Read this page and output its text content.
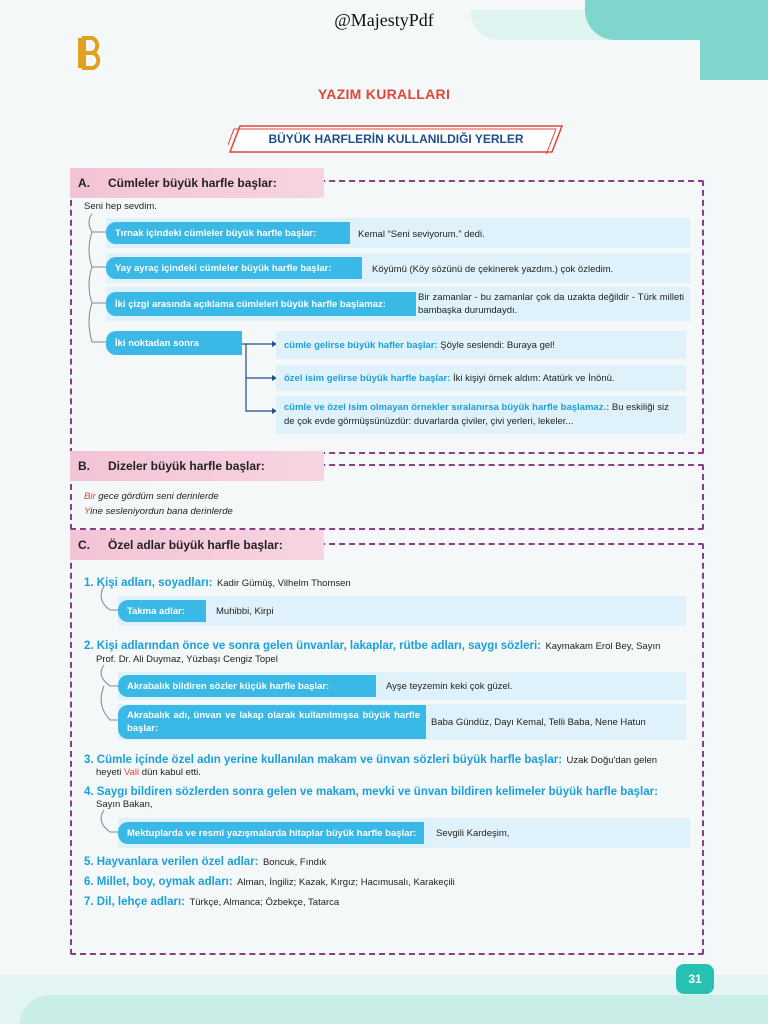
@MajestyPdf
YAZIM KURALLARI
BÜYÜK HARFLERİN KULLANILDIĞI YERLER
A.	Cümleler büyük harfle başlar:
Seni hep sevdim.
Tırnak içindeki cümleler büyük harfle başlar:	Kemal “Seni seviyorum.” dedi.
Yay ayraç içindeki cümleler büyük harfle başlar:	Köyümü (Köy sözünü de çekinerek yazdım.) çok özledim.
İki çizgi arasında açıklama cümleleri büyük harfle başlamaz:
Bir zamanlar - bu zamanlar çok da uzakta değildir - Türk milleti bambaşka durumdaydı.
İki noktadan sonra	cümle gelirse büyük hafler başlar: Şöyle seslendi: Buraya gel!
özel isim gelirse büyük harfle başlar: İki kişiyi örnek aldım: Atatürk ve İnönü.
cümle ve özel isim olmayan örnekler sıralanırsa büyük harfle başlamaz.: Bu eskiliği siz de çok evde görmüşsünüzdür: duvarlarda çiviler, çivi yerleri, lekeler...
B.	Dizeler büyük harfle başlar:
Bir gece gördüm seni derinlerde
Yine sesleniyordun bana derinlerde
C.	Özel adlar büyük harfle başlar:
1. Kişi adları, soyadları: Kadir Gümüş, Vilhelm Thomsen
Takma adlar:	Muhibbi, Kirpi
2. Kişi adlarından önce ve sonra gelen ünvanlar, lakaplar, rütbe adları, saygı sözleri: Kaymakam Erol Bey, Sayın
Prof. Dr. Ali Duymaz, Yüzbaşı Cengiz Topel
Akrabalık bildiren sözler küçük harfle başlar:	Ayşe teyzemin keki çok güzel.
Akrabalık adı, ünvan ve lakap olarak kullanılmışsa büyük harfle başlar:
Baba Gündüz, Dayı Kemal, Telli Baba, Nene Hatun
3. Cümle içinde özel adın yerine kullanılan makam ve ünvan sözleri büyük harfle başlar: Uzak Doğu'dan gelen
heyeti Vali dün kabul etti.
4. Saygı bildiren sözlerden sonra gelen ve makam, mevki ve ünvan bildiren kelimeler büyük harfle başlar:
Sayın Bakan,
Mektuplarda ve resmî yazışmalarda hitaplar büyük harfle başlar:	Sevgili Kardeşim,
5. Hayvanlara verilen özel adlar: Boncuk, Fındık
6. Millet, boy, oymak adları: Alman, İngiliz; Kazak, Kırgız; Hacımusalı, Karakeçili
7. Dil, lehçe adları: Türkçe, Almanca; Özbekçe, Tatarca
31
